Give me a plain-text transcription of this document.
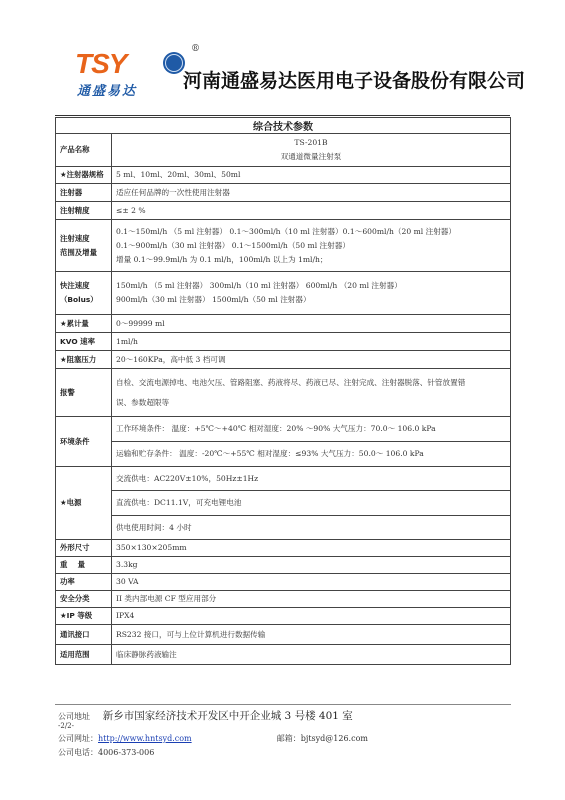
TSY	®
通盛易达 河南通盛易达医用电子设备股份有限公司
综合技术参数	
产品名称	TS-201B
双通道微量注射泵

★注射器规格	5 ml、10ml、20ml、30ml、50ml
注射器	适应任何品牌的一次性使用注射器
注射精度	≤± 2 %

注射速度
范围及增量	0.1～150ml/h （5 ml 注射器） 0.1～300ml/h（10 ml 注射器）0.1～600ml/h（20 ml 注射器）
0.1～900ml/h（30 ml 注射器） 0.1～1500ml/h（50 ml 注射器）
增量 0.1～99.9ml/h 为 0.1 ml/h，100ml/h 以上为 1ml/h；

快注速度
（Bolus）	150ml/h （5 ml 注射器） 300ml/h（10 ml 注射器） 600ml/h （20 ml 注射器）
900ml/h（30 ml 注射器） 1500ml/h（50 ml 注射器）

★累计量	0～99999 ml
KVO 速率	1ml/h
★阻塞压力	20～160KPa，高中低 3 档可调
报警	自检、交流电源掉电、电池欠压、管路阻塞、药液将尽、药液已尽、注射完成、注射器脱落、针管放置错
误、参数超限等

环境条件	工作环境条件： 温度：+5℃～+40℃ 相对湿度：20% ～90% 大气压力：70.0～ 106.0 kPa
运输和贮存条件： 温度：-20℃～+55℃ 相对湿度：≤93% 大气压力：50.0～ 106.0 kPa

★电源	交流供电：AC220V±10%，50Hz±1Hz
直流供电：DC11.1V，可充电锂电池
供电使用时间：4 小时

外形尺寸	350×130×205mm
重    量	3.3kg
功率	30 VA
安全分类	II 类内部电源 CF 型应用部分
★IP 等级	IPX4
通讯接口	RS232 接口，可与上位计算机进行数据传输
适用范围	临床静脉药液输注
公司地址 新乡市国家经济技术开发区中开企业城 3 号楼 401 室
-2/2-
公司网址：http://www.hntsyd.com	邮箱：bjtsyd@126.com
公司电话：4006-373-006
